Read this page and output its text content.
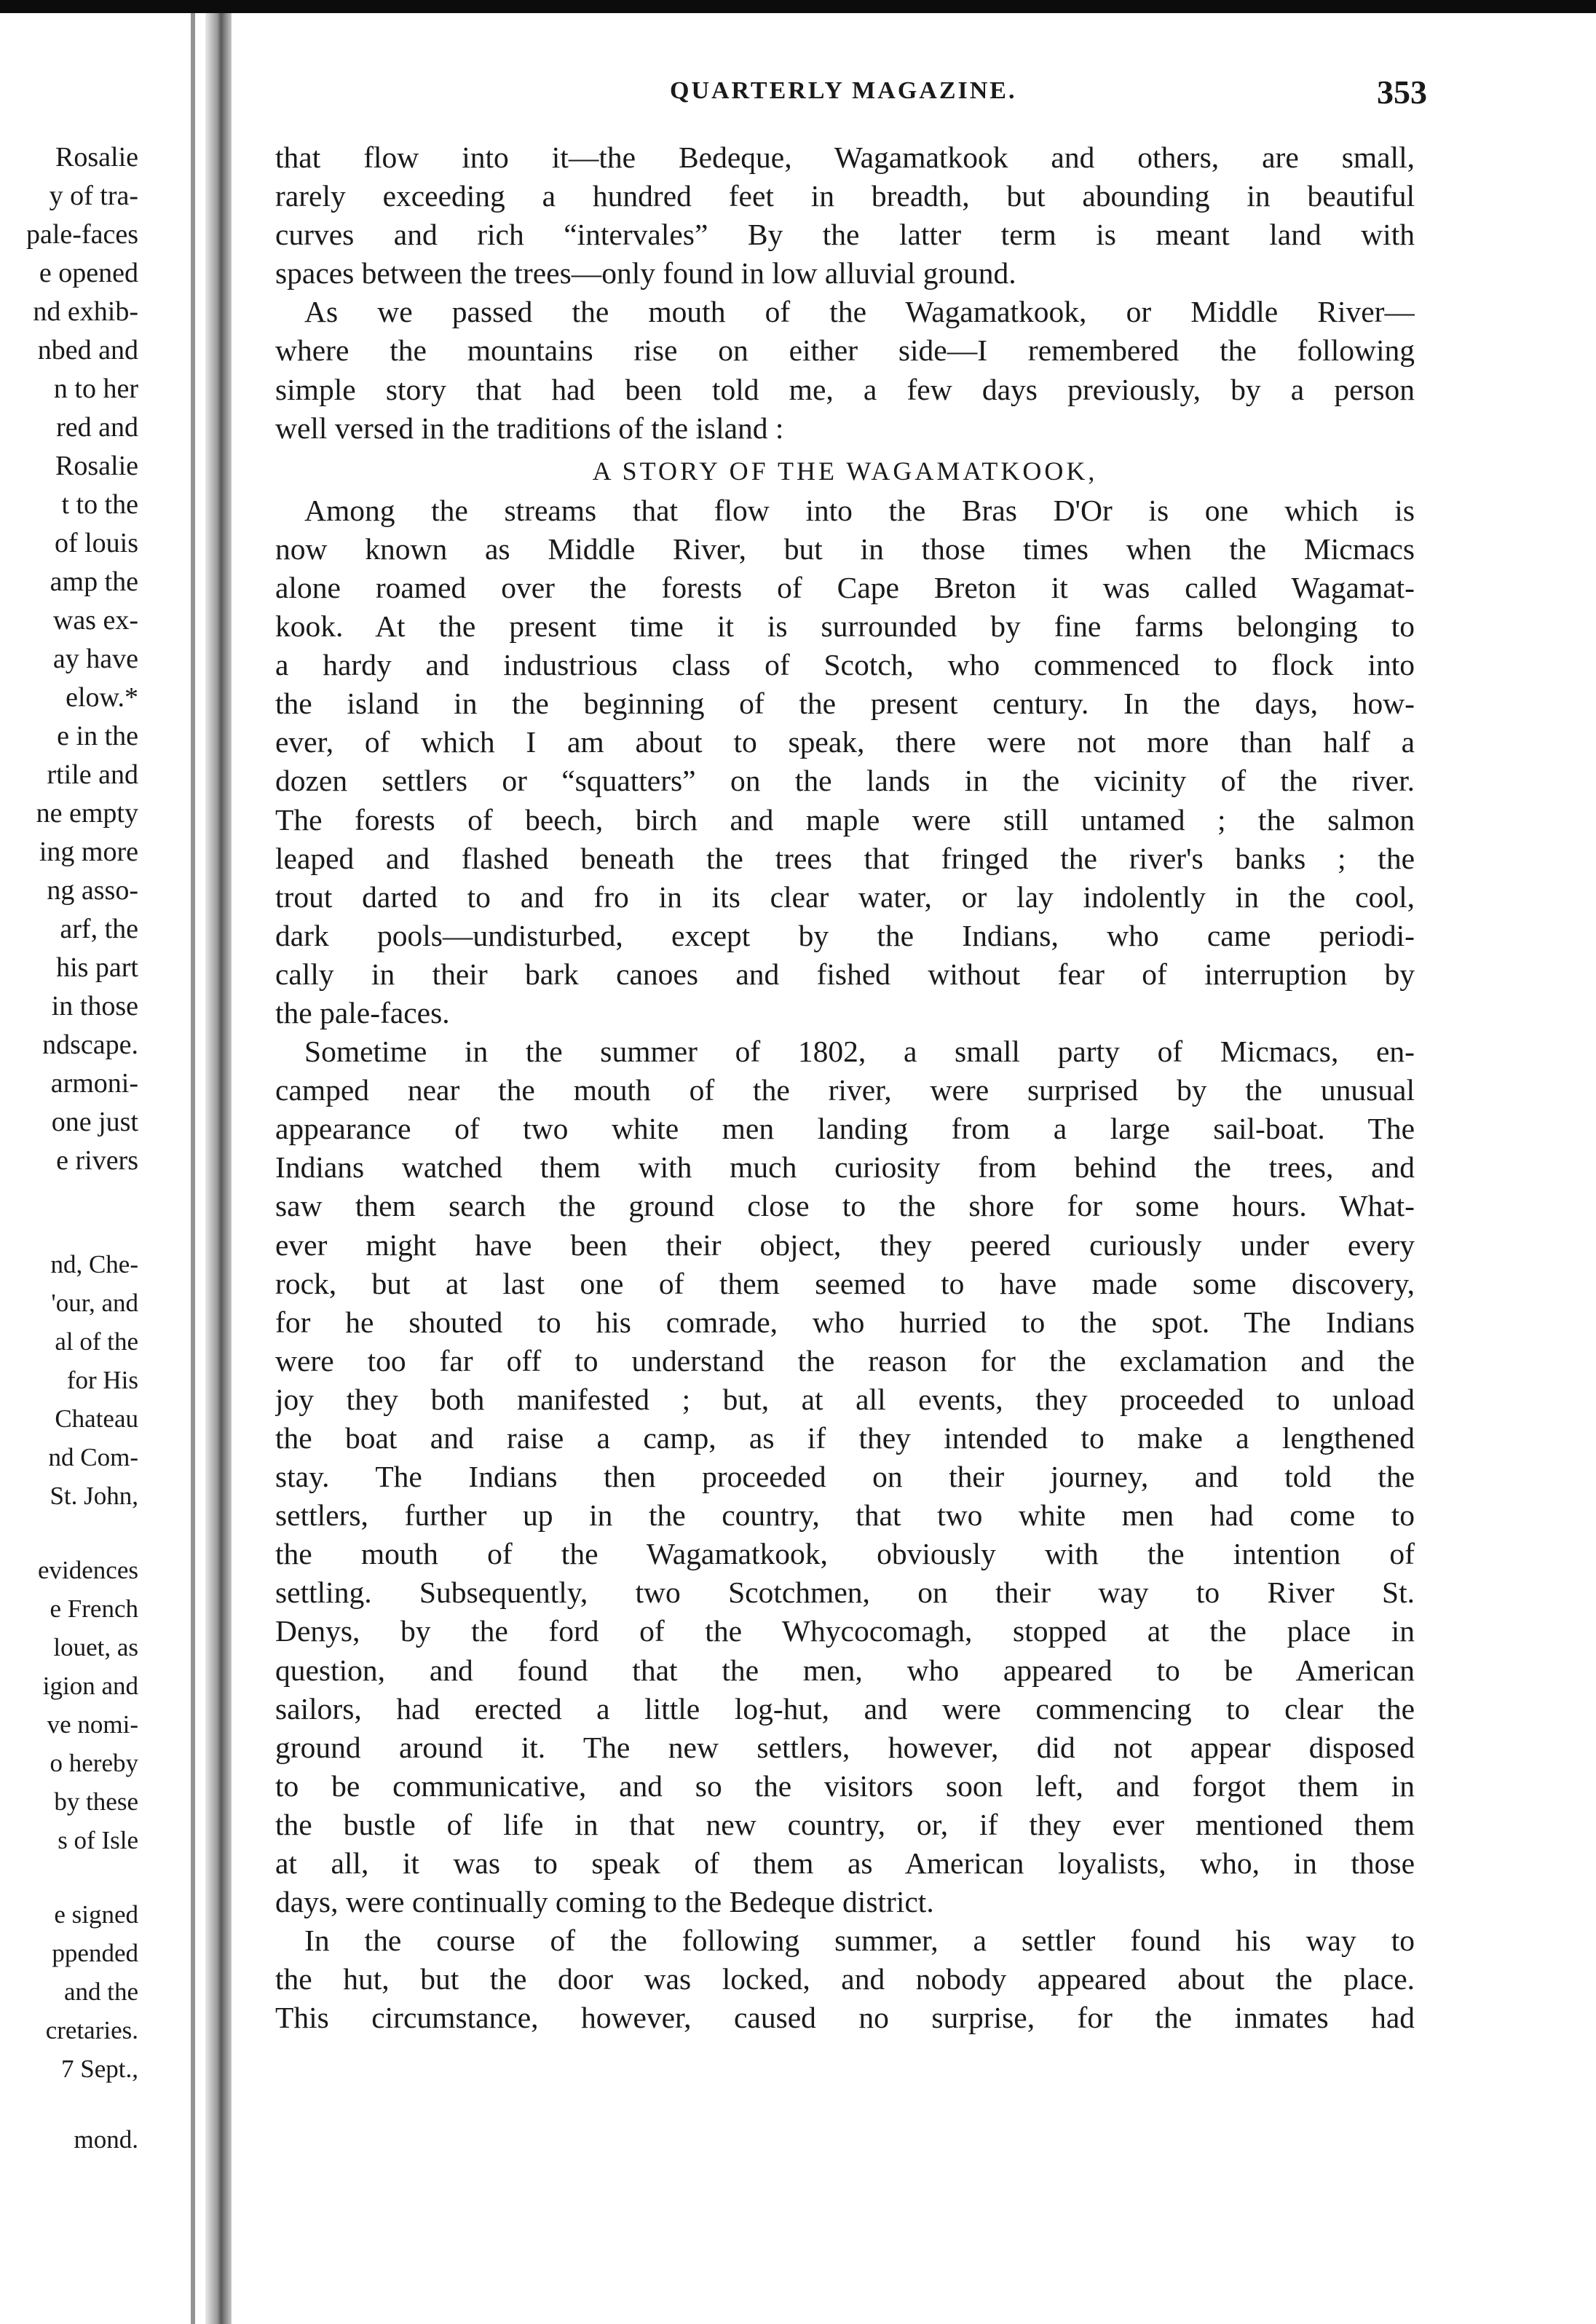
Rosalie
y of tra-
pale-faces
e opened
nd exhib-
nbed and
n to her
red and
Rosalie
t to the
of louis
amp the
was ex-
ay have
elow.*
e in the
rtile and
ne empty
ing more
ng asso-
arf, the
his part
in those
ndscape.
armoni-
one just
e rivers
nd, Che-
'our, and
al of the
for His
Chateau
nd Com-
St. John,
evidences
e French
louet, as
igion and
ve nomi-
o hereby
by these
s of Isle
e signed
ppended
and the
cretaries.
7 Sept.,
mond.
QUARTERLY MAGAZINE.	353
that flow into it—the Bedeque, Wagamatkook and others, are small,
rarely exceeding a hundred feet in breadth, but abounding in beautiful
curves and rich “intervales” By the latter term is meant land with
spaces between the trees—only found in low alluvial ground.
As we passed the mouth of the Wagamatkook, or Middle River—
where the mountains rise on either side—I remembered the following
simple story that had been told me, a few days previously, by a person
well versed in the traditions of the island :
A STORY OF THE WAGAMATKOOK,
Among the streams that flow into the Bras D'Or is one which is
now known as Middle River, but in those times when the Micmacs
alone roamed over the forests of Cape Breton it was called Wagamat-
kook. At the present time it is surrounded by fine farms belonging to
a hardy and industrious class of Scotch, who commenced to flock into
the island in the beginning of the present century. In the days, how-
ever, of which I am about to speak, there were not more than half a
dozen settlers or “squatters” on the lands in the vicinity of the river.
The forests of beech, birch and maple were still untamed ; the salmon
leaped and flashed beneath the trees that fringed the river's banks ; the
trout darted to and fro in its clear water, or lay indolently in the cool,
dark pools—undisturbed, except by the Indians, who came periodi-
cally in their bark canoes and fished without fear of interruption by
the pale-faces.
Sometime in the summer of 1802, a small party of Micmacs, en-
camped near the mouth of the river, were surprised by the unusual
appearance of two white men landing from a large sail-boat. The
Indians watched them with much curiosity from behind the trees, and
saw them search the ground close to the shore for some hours. What-
ever might have been their object, they peered curiously under every
rock, but at last one of them seemed to have made some discovery,
for he shouted to his comrade, who hurried to the spot. The Indians
were too far off to understand the reason for the exclamation and the
joy they both manifested ; but, at all events, they proceeded to unload
the boat and raise a camp, as if they intended to make a lengthened
stay. The Indians then proceeded on their journey, and told the
settlers, further up in the country, that two white men had come to
the mouth of the Wagamatkook, obviously with the intention of
settling. Subsequently, two Scotchmen, on their way to River St.
Denys, by the ford of the Whycocomagh, stopped at the place in
question, and found that the men, who appeared to be American
sailors, had erected a little log-hut, and were commencing to clear the
ground around it. The new settlers, however, did not appear disposed
to be communicative, and so the visitors soon left, and forgot them in
the bustle of life in that new country, or, if they ever mentioned them
at all, it was to speak of them as American loyalists, who, in those
days, were continually coming to the Bedeque district.
In the course of the following summer, a settler found his way to
the hut, but the door was locked, and nobody appeared about the place.
This circumstance, however, caused no surprise, for the inmates had
